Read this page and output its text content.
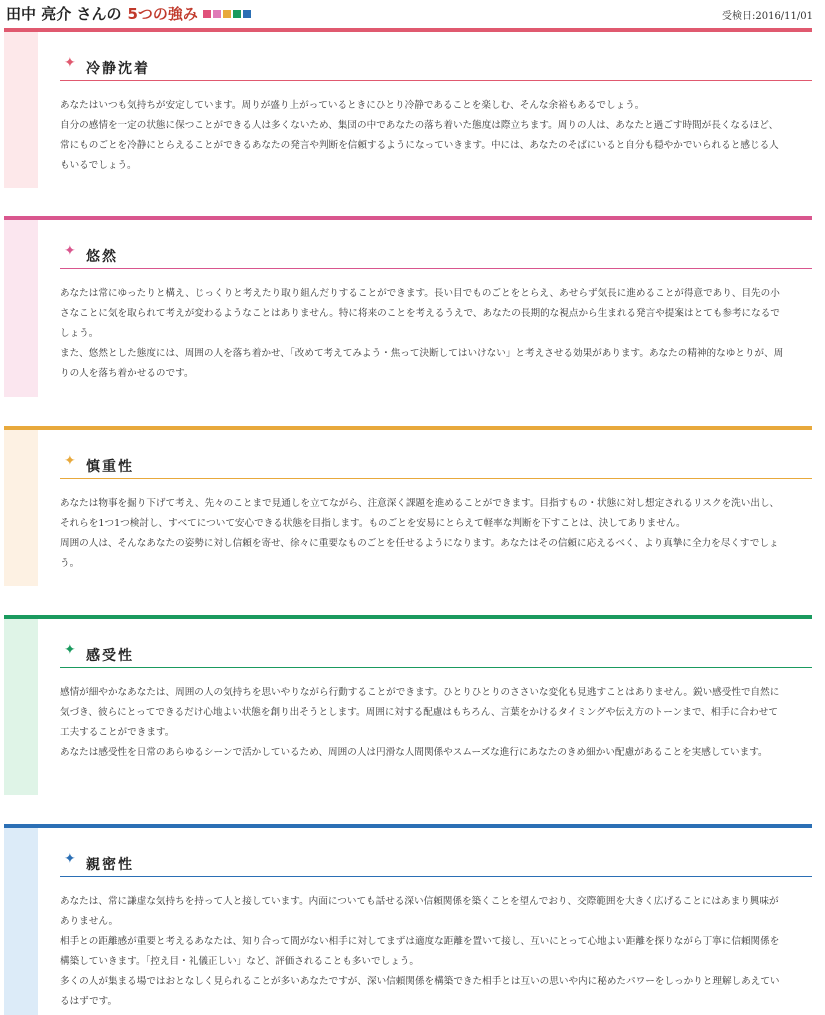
田中 亮介 さんの 5つの強み	受検日:2016/11/01
✦ 冷静沈着

あなたはいつも気持ちが安定しています。周りが盛り上がっているときにひとり冷静であることを楽しむ、そんな余裕もあるでしょう。

自分の感情を一定の状態に保つことができる人は多くないため、集団の中であなたの落ち着いた態度は際立ちます。周りの人は、あなたと過ごす時間が長くなるほど、常にものごとを冷静にとらえることができるあなたの発言や判断を信頼するようになっていきます。中には、あなたのそばにいると自分も穏やかでいられると感じる人もいるでしょう。

✦ 悠然

あなたは常にゆったりと構え、じっくりと考えたり取り組んだりすることができます。長い目でものごとをとらえ、あせらず気長に進めることが得意であり、目先の小さなことに気を取られて考えが変わるようなことはありません。特に将来のことを考えるうえで、あなたの長期的な視点から生まれる発言や提案はとても参考になるでしょう。

また、悠然とした態度には、周囲の人を落ち着かせ、「改めて考えてみよう・焦って決断してはいけない」と考えさせる効果があります。あなたの精神的なゆとりが、周りの人を落ち着かせるのです。

✦ 慎重性

あなたは物事を掘り下げて考え、先々のことまで見通しを立てながら、注意深く課題を進めることができます。目指すもの・状態に対し想定されるリスクを洗い出し、それらを1つ1つ検討し、すべてについて安心できる状態を目指します。ものごとを安易にとらえて軽率な判断を下すことは、決してありません。

周囲の人は、そんなあなたの姿勢に対し信頼を寄せ、徐々に重要なものごとを任せるようになります。あなたはその信頼に応えるべく、より真摯に全力を尽くすでしょう。

✦ 感受性

感情が細やかなあなたは、周囲の人の気持ちを思いやりながら行動することができます。ひとりひとりのささいな変化も見逃すことはありません。鋭い感受性で自然に気づき、彼らにとってできるだけ心地よい状態を創り出そうとします。周囲に対する配慮はもちろん、言葉をかけるタイミングや伝え方のトーンまで、相手に合わせて工夫することができます。

あなたは感受性を日常のあらゆるシーンで活かしているため、周囲の人は円滑な人間関係やスムーズな進行にあなたのきめ細かい配慮があることを実感しています。

✦ 親密性

あなたは、常に謙虚な気持ちを持って人と接しています。内面についても話せる深い信頼関係を築くことを望んでおり、交際範囲を大きく広げることにはあまり興味がありません。

相手との距離感が重要と考えるあなたは、知り合って間がない相手に対してまずは適度な距離を置いて接し、互いにとって心地よい距離を探りながら丁寧に信頼関係を構築していきます。「控え目・礼儀正しい」など、評価されることも多いでしょう。

多くの人が集まる場ではおとなしく見られることが多いあなたですが、深い信頼関係を構築できた相手とは互いの思いや内に秘めたパワーをしっかりと理解しあえているはずです。
